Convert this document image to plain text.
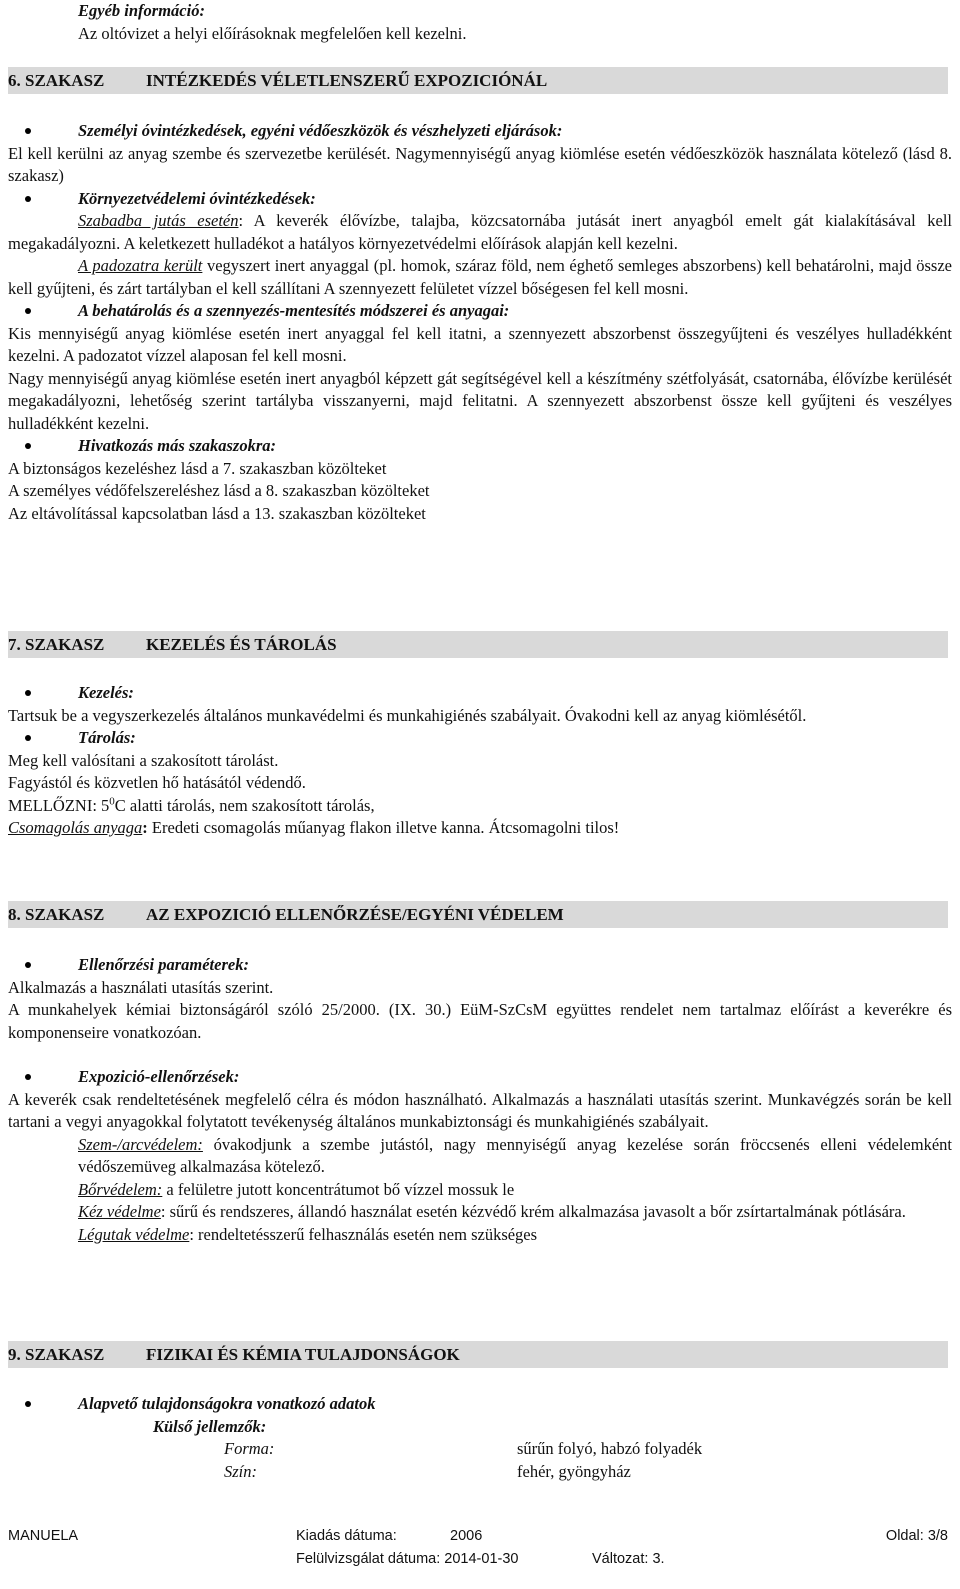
Egyéb információ:
Az oltóvizet a helyi előírásoknak megfelelően kell kezelni.
6. SZAKASZ INTÉZKEDÉS VÉLETLENSZERŰ EXPOZICIÓNÁL
Személyi óvintézkedések, egyéni védőeszközök és vészhelyzeti eljárások:
El kell kerülni az anyag szembe és szervezetbe kerülését. Nagymennyiségű anyag kiömlése esetén védőeszközök használata kötelező (lásd 8. szakasz)
Környezetvédelemi óvintézkedések:
Szabadba jutás esetén: A keverék élővízbe, talajba, közcsatornába jutását inert anyagból emelt gát kialakításával kell megakadályozni. A keletkezett hulladékot a hatályos környezetvédelmi előírások alapján kell kezelni.
A padozatra került vegyszert inert anyaggal (pl. homok, száraz föld, nem éghető semleges abszorbens) kell behatárolni, majd össze kell gyűjteni, és zárt tartályban el kell szállítani A szennyezett felületet vízzel bőségesen fel kell mosni.
A behatárolás és a szennyezés-mentesítés módszerei és anyagai:
Kis mennyiségű anyag kiömlése esetén inert anyaggal fel kell itatni, a szennyezett abszorbenst összegyűjteni és veszélyes hulladékként kezelni. A padozatot vízzel alaposan fel kell mosni.
Nagy mennyiségű anyag kiömlése esetén inert anyagból képzett gát segítségével kell a készítmény szétfolyását, csatornába, élővízbe kerülését megakadályozni, lehetőség szerint tartályba visszanyerni, majd felitatni. A szennyezett abszorbenst össze kell gyűjteni és veszélyes hulladékként kezelni.
Hivatkozás más szakaszokra:
A biztonságos kezeléshez lásd a 7. szakaszban közölteket
A személyes védőfelszereléshez lásd a 8. szakaszban közölteket
Az eltávolítással kapcsolatban lásd a 13. szakaszban közölteket
7. SZAKASZ KEZELÉS ÉS TÁROLÁS
Kezelés:
Tartsuk be a vegyszerkezelés általános munkavédelmi és munkahigiénés szabályait. Óvakodni kell az anyag kiömlésétől.
Tárolás:
Meg kell valósítani a szakosított tárolást.
Fagyástól és közvetlen hő hatásától védendő.
MELLŐZNI: $5^0C$ alatti tárolás, nem szakosított tárolás,
Csomagolás anyaga: Eredeti csomagolás műanyag flakon illetve kanna. Átcsomagolni tilos!
8. SZAKASZ AZ EXPOZICIÓ ELLENŐRZÉSE/EGYÉNI VÉDELEM
Ellenőrzési paraméterek:
Alkalmazás a használati utasítás szerint.
A munkahelyek kémiai biztonságáról szóló 25/2000. (IX. 30.) EüM-SzCsM együttes rendelet nem tartalmaz előírást a keverékre és komponenseire vonatkozóan.
Expozició-ellenőrzések:
A keverék csak rendeltetésének megfelelő célra és módon használható. Alkalmazás a használati utasítás szerint. Munkavégzés során be kell tartani a vegyi anyagokkal folytatott tevékenység általános munkabiztonsági és munkahigiénés szabályait.
Szem-/arcvédelem: óvakodjunk a szembe jutástól, nagy mennyiségű anyag kezelése során fröccsenés elleni védelemként védőszemüveg alkalmazása kötelező.
Bőrvédelem: a felületre jutott koncentrátumot bő vízzel mossuk le
Kéz védelme: sűrű és rendszeres, állandó használat esetén kézvédő krém alkalmazása javasolt a bőr zsírtartalmának pótlására.
Légutak védelme: rendeltetésszerű felhasználás esetén nem szükséges
9. SZAKASZ FIZIKAI ÉS KÉMIA TULAJDONSÁGOK
Alapvető tulajdonságokra vonatkozó adatok
Külső jellemzők:
Forma:	sűrűn folyó, habzó folyadék
Szín:	fehér, gyöngyház
MANUELA	Kiadás dátuma:	2006	Oldal: 3/8
Felülvizsgálat dátuma: 2014-01-30	Változat: 3.
